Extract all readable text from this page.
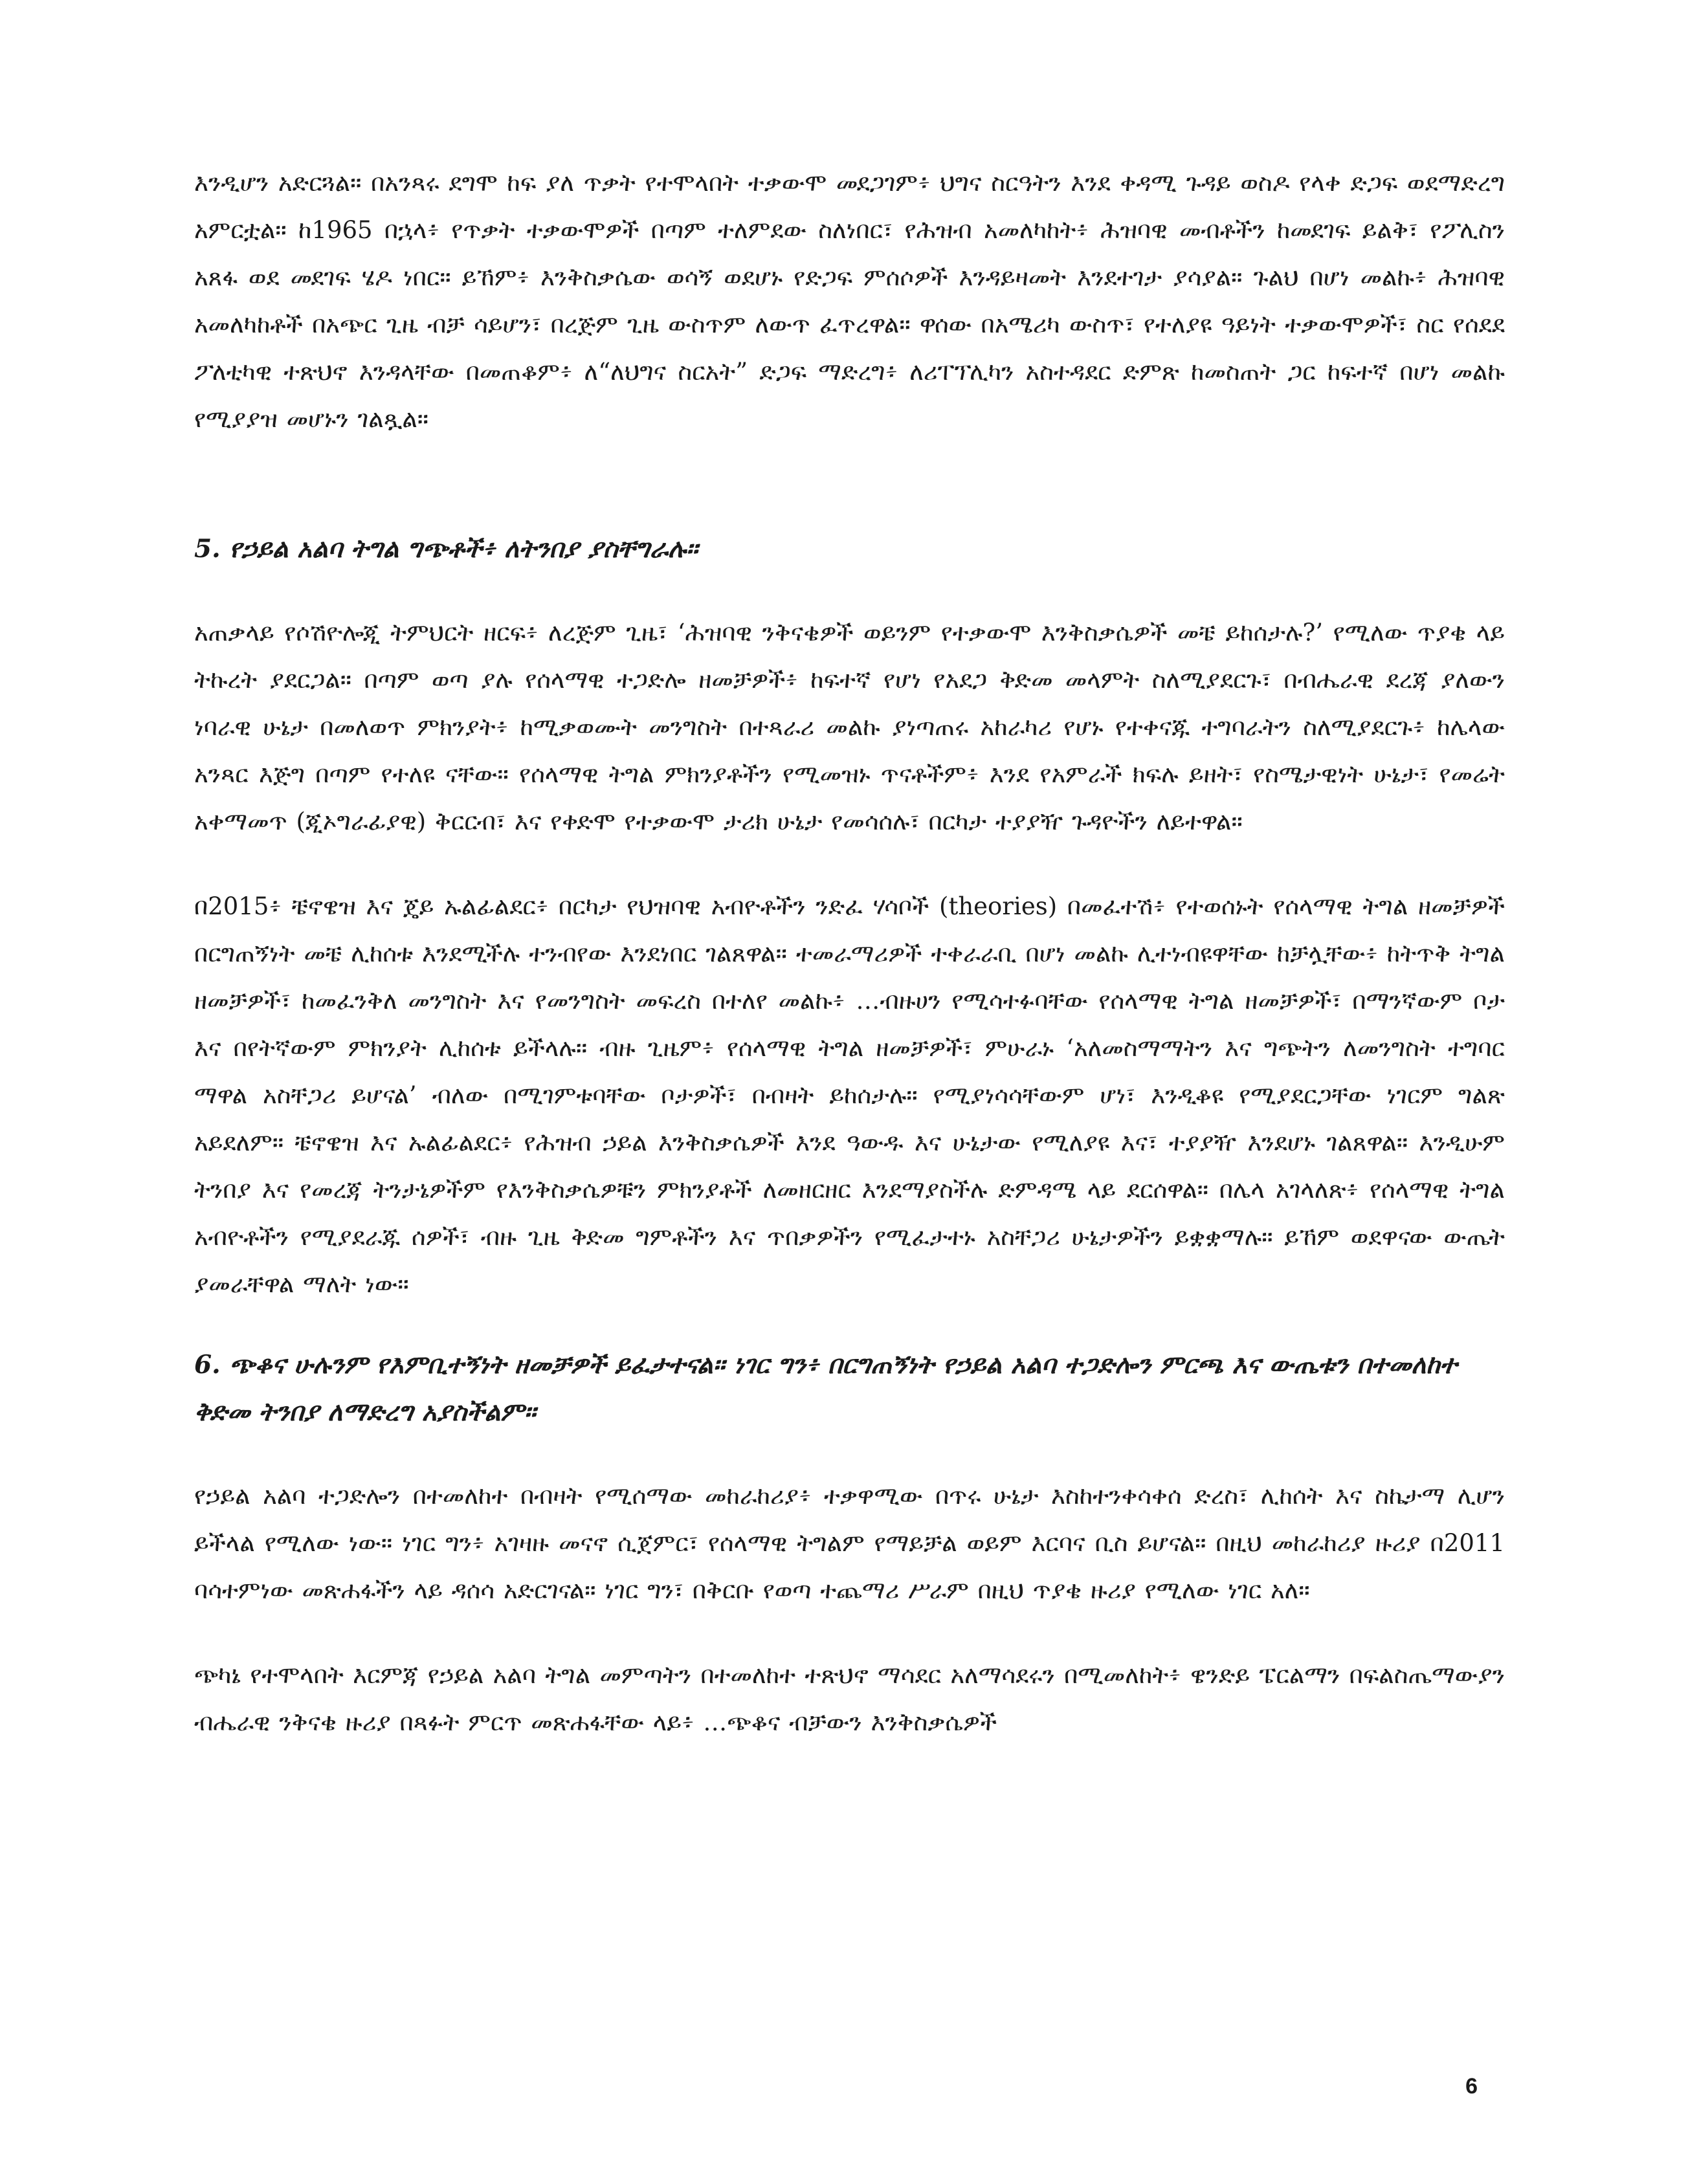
እንዲሆን አድርጓል። በአንጻሩ ደግሞ ከፍ ያለ ጥቃት የተሞላበት ተቃውሞ መደጋገም፥ ህግና ስርዓትን እንደ ቀዳሚ ጉዳይ ወስዶ የላቀ ድጋፍ ወደማድረግ አምርቷል። ከ1965 በኋላ፥ የጥቃት ተቃውሞዎች በጣም ተለምደው ስለነበር፣ የሕዝብ አመለካከት፥ ሕዝባዊ መብቶችን ከመደገፍ ይልቅ፣ የፖሊስን አጸፋ ወደ መደገፍ ሄዶ ነበር። ይኸም፥ እንቅስቃሴው ወሳኝ ወደሆኑ የድጋፍ ምሰሶዎች እንዳይዛመት እንደተገታ ያሳያል። ጉልህ በሆነ መልኩ፥ ሕዝባዊ አመለካከቶች በአጭር ጊዜ ብቻ ሳይሆን፣ በረጅም ጊዜ ውስጥም ለውጥ ፈጥረዋል። ዋሰው በአሜሪካ ውስጥ፣ የተለያዩ ዓይነት ተቃውሞዎች፣ ስር የሰደደ ፖለቲካዊ ተጽህኖ እንዳላቸው በመጠቆም፥ ለ“ለህግና ስርአት” ድጋፍ ማድረግ፥ ለሪፐፕሊካን አስተዳደር ድምጽ ከመስጠት ጋር ከፍተኛ በሆነ መልኩ የሚያያዝ መሆኑን ገልጿል።

5. የኃይል አልባ ትግል ግጭቶች፥ ለትንበያ ያስቸግራሉ።

አጠቃላይ የሶሽዮሎጂ ትምህርት ዘርፍ፥ ለረጅም ጊዜ፣ ‘ሕዝባዊ ንቅናቄዎች ወይንም የተቃውሞ እንቅስቃሴዎች መቼ ይከሰታሉ?’ የሚለው ጥያቄ ላይ ትኩረት ያደርጋል። በጣም ወጣ ያሉ የሰላማዊ ተጋድሎ ዘመቻዎች፥ ከፍተኛ የሆነ የአደጋ ቅድመ መላምት ስለሚያደርጉ፣ በብሔራዊ ደረጃ ያለውን ነባራዊ ሁኔታ በመለወጥ ምክንያት፥ ከሚቃወሙት መንግስት በተጻራሪ መልኩ ያነጣጠሩ አከራካሪ የሆኑ የተቀናጁ ተግባራትን ስለሚያደርጉ፥ ከሌላው አንጻር እጅግ በጣም የተለዩ ናቸው። የሰላማዊ ትግል ምክንያቶችን የሚመዝኑ ጥናቶችም፥ እንደ የአምራች ክፍሉ ይዘት፣ የስሜታዊነት ሁኔታ፣ የመሬት አቀማመጥ (ጂኦግራፊያዊ) ቅርርብ፣ እና የቀድሞ የተቃውሞ ታሪክ ሁኔታ የመሳሰሉ፣ በርካታ ተያያዥ ጉዳዮችን ለይተዋል።

በ2015፥ ቼኖዌዝ እና ጄይ ኡልፊልደር፥ በርካታ የህዝባዊ አብዮቶችን ንድፈ ሃሳቦች (theories) በመፈተሽ፥ የተወሰኑት የሰላማዊ ትግል ዘመቻዎች በርግጠኝነት መቼ ሊከሰቱ እንደሚችሉ ተንብየው እንደነበር ገልጸዋል። ተመራማሪዎች ተቀራራቢ በሆነ መልኩ ሊተነብዩዋቸው ከቻሏቸው፥ ከትጥቅ ትግል ዘመቻዎች፣ ከመፈንቅለ መንግስት እና የመንግስት መፍረስ በተለየ መልኩ፥ …ብዙሀን የሚሳተፉባቸው የሰላማዊ ትግል ዘመቻዎች፣ በማንኛውም ቦታ እና በየትኛውም ምክንያት ሊከሰቱ ይችላሉ። ብዙ ጊዜም፥ የሰላማዊ ትግል ዘመቻዎች፣ ምሁራኑ ‘አለመስማማትን እና ግጭትን ለመንግስት ተግባር ማዋል አስቸጋሪ ይሆናል’ ብለው በሚገምቱባቸው ቦታዎች፣ በብዛት ይከሰታሉ። የሚያነሳሳቸውም ሆነ፣ እንዲቆዩ የሚያደርጋቸው ነገርም ግልጽ አይደለም። ቼኖዌዝ እና ኡልፊልደር፥ የሕዝብ ኃይል እንቅስቃሴዎች እንደ ዓውዱ እና ሁኔታው የሚለያዩ እና፣ ተያያዥ እንደሆኑ ገልጸዋል። እንዲሁም ትንበያ እና የመረጃ ትንታኔዎችም የእንቅስቃሴዎቹን ምክንያቶች ለመዘርዘር እንደማያስችሉ ድምዳሜ ላይ ደርሰዋል። በሌላ አገላለጽ፥ የሰላማዊ ትግል አብዮቶችን የሚያደራጁ ሰዎች፣ ብዙ ጊዜ ቅድመ ግምቶችን እና ጥበቃዎችን የሚፈታተኑ አስቸጋሪ ሁኔታዎችን ይቋቋማሉ። ይኸም ወደዋናው ውጤት ያመራቸዋል ማለት ነው።

6. ጭቆና ሁሉንም የእምቢተኝነት ዘመቻዎች ይፈታተናል። ነገር ግን፥ በርግጠኝነት የኃይል አልባ ተጋድሎን ምርጫ እና ውጤቱን በተመለከተ ቅድመ ትንበያ ለማድረግ አያስችልም።

የኃይል አልባ ተጋድሎን በተመለከተ በብዛት የሚሰማው መከራከሪያ፥ ተቃዋሚው በጥሩ ሁኔታ እስከተንቀሳቀሰ ድረስ፣ ሊከሰት እና ስኬታማ ሊሆን ይችላል የሚለው ነው። ነገር ግን፥ አገዛዙ መናኖ ሲጀምር፣ የሰላማዊ ትግልም የማይቻል ወይም እርባና ቢስ ይሆናል። በዚህ መከራከሪያ ዙሪያ በ2011 ባሳተምነው መጽሐፋችን ላይ ዳሰሳ አድርገናል። ነገር ግን፣ በቅርቡ የወጣ ተጨማሪ ሥራም በዚህ ጥያቄ ዙሪያ የሚለው ነገር አለ።

ጭካኔ የተሞላበት እርምጃ የኃይል አልባ ትግል መምጣትን በተመለከተ ተጽህኖ ማሳደር አለማሳደሩን በሚመለከት፥ ዌንድይ ፔርልማን በፍልስጤማውያን ብሔራዊ ንቅናቄ ዙሪያ በጻፉት ምርጥ መጽሐፋቸው ላይ፥ …ጭቆና ብቻውን እንቅስቃሴዎች

6
